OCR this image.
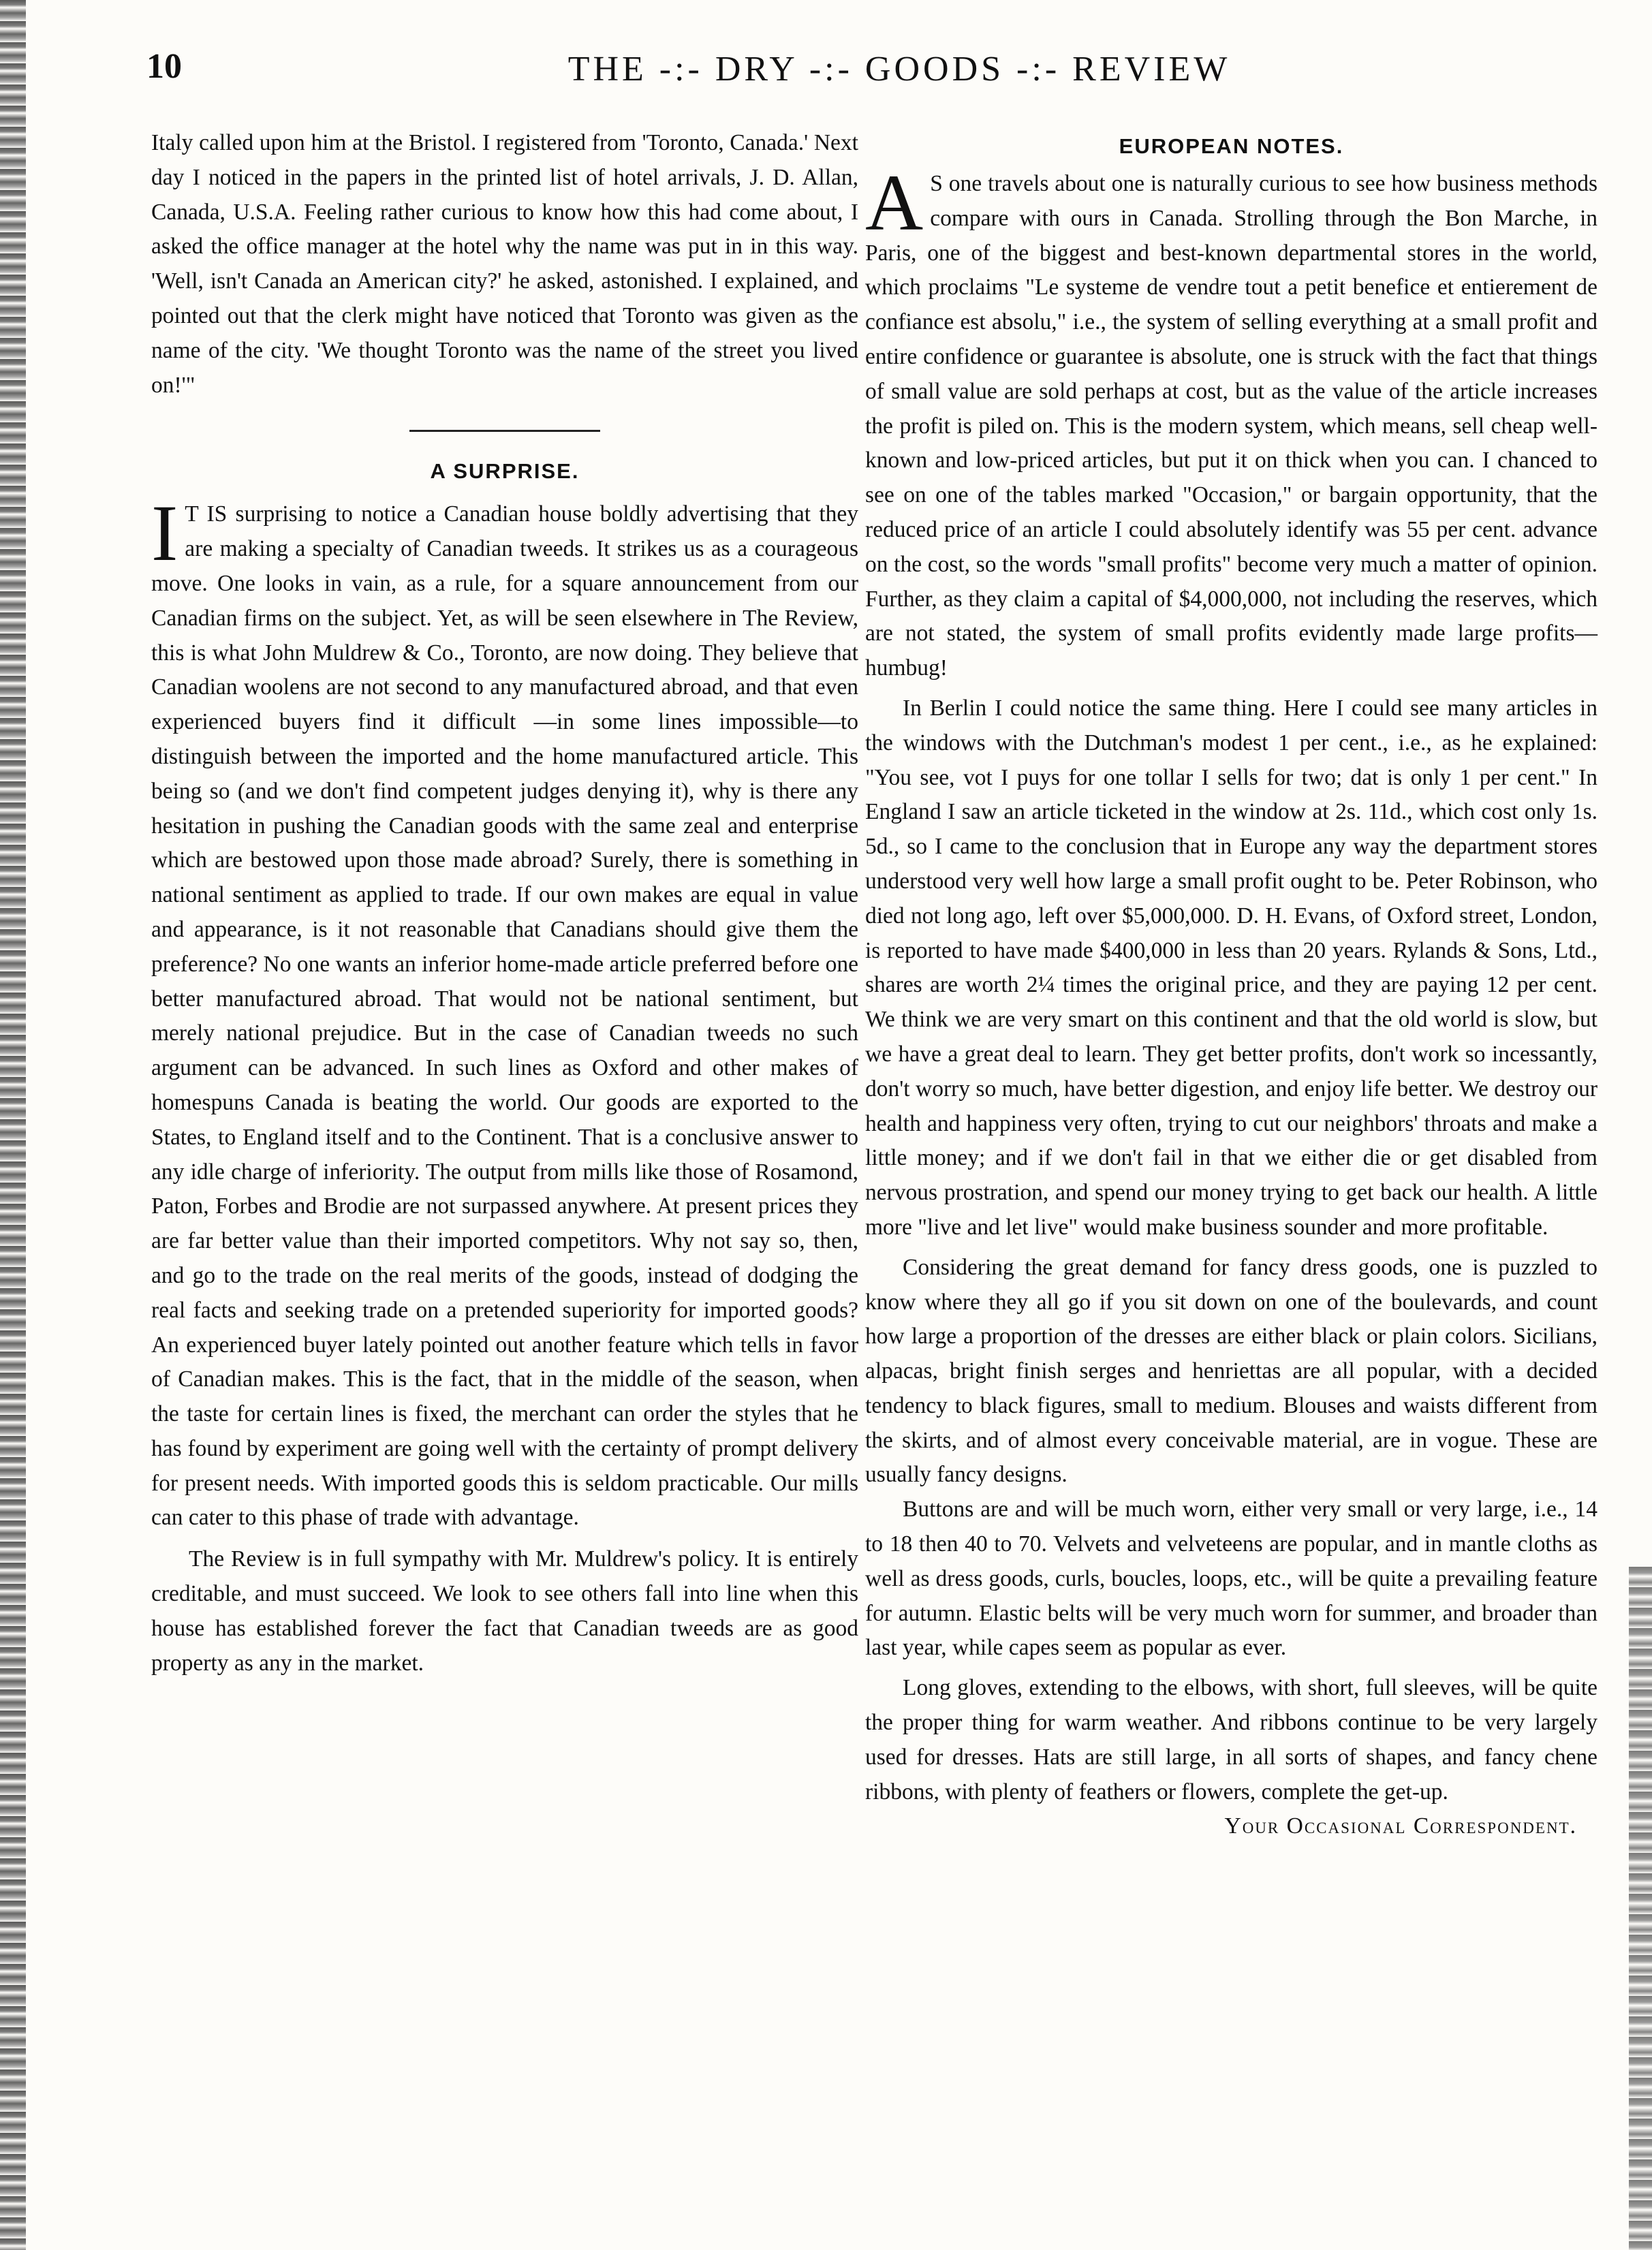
10	THE -:- DRY -:- GOODS -:- REVIEW

Italy called upon him at the Bristol. I registered from 'Toronto, Canada.' Next day I noticed in the papers in the printed list of hotel arrivals, J. D. Allan, Canada, U.S.A. Feeling rather curious to know how this had come about, I asked the office manager at the hotel why the name was put in in this way. 'Well, isn't Canada an American city?' he asked, astonished. I explained, and pointed out that the clerk might have noticed that Toronto was given as the name of the city. 'We thought Toronto was the name of the street you lived on!'"

A SURPRISE.

I T IS surprising to notice a Canadian house boldly advertising that they are making a specialty of Canadian tweeds. It strikes us as a courageous move. One looks in vain, as a rule, for a square announcement from our Canadian firms on the subject. Yet, as will be seen elsewhere in The Review, this is what John Muldrew & Co., Toronto, are now doing. They believe that Canadian woolens are not second to any manufactured abroad, and that even experienced buyers find it difficult —in some lines impossible—to distinguish between the imported and the home manufactured article. This being so (and we don't find competent judges denying it), why is there any hesitation in pushing the Canadian goods with the same zeal and enterprise which are bestowed upon those made abroad? Surely, there is something in national sentiment as applied to trade. If our own makes are equal in value and appearance, is it not reasonable that Canadians should give them the preference? No one wants an inferior home-made article preferred before one better manufactured abroad. That would not be national sentiment, but merely national prejudice. But in the case of Canadian tweeds no such argument can be advanced. In such lines as Oxford and other makes of homespuns Canada is beating the world. Our goods are exported to the States, to England itself and to the Continent. That is a conclusive answer to any idle charge of inferiority. The output from mills like those of Rosamond, Paton, Forbes and Brodie are not surpassed anywhere. At present prices they are far better value than their imported competitors. Why not say so, then, and go to the trade on the real merits of the goods, instead of dodging the real facts and seeking trade on a pretended superiority for imported goods? An experienced buyer lately pointed out another feature which tells in favor of Canadian makes. This is the fact, that in the middle of the season, when the taste for certain lines is fixed, the merchant can order the styles that he has found by experiment are going well with the certainty of prompt delivery for present needs. With imported goods this is seldom practicable. Our mills can cater to this phase of trade with advantage.

The Review is in full sympathy with Mr. Muldrew's policy. It is entirely creditable, and must succeed. We look to see others fall into line when this house has established forever the fact that Canadian tweeds are as good property as any in the market.

EUROPEAN NOTES.

A S one travels about one is naturally curious to see how business methods compare with ours in Canada. Strolling through the Bon Marche, in Paris, one of the biggest and best-known departmental stores in the world, which proclaims "Le systeme de vendre tout a petit benefice et entierement de confiance est absolu," i.e., the system of selling everything at a small profit and entire confidence or guarantee is absolute, one is struck with the fact that things of small value are sold perhaps at cost, but as the value of the article increases the profit is piled on. This is the modern system, which means, sell cheap well-known and low-priced articles, but put it on thick when you can. I chanced to see on one of the tables marked "Occasion," or bargain opportunity, that the reduced price of an article I could absolutely identify was 55 per cent. advance on the cost, so the words "small profits" become very much a matter of opinion. Further, as they claim a capital of $4,000,000, not including the reserves, which are not stated, the system of small profits evidently made large profits—humbug!

In Berlin I could notice the same thing. Here I could see many articles in the windows with the Dutchman's modest 1 per cent., i.e., as he explained: "You see, vot I puys for one tollar I sells for two; dat is only 1 per cent." In England I saw an article ticketed in the window at 2s. 11d., which cost only 1s. 5d., so I came to the conclusion that in Europe any way the department stores understood very well how large a small profit ought to be. Peter Robinson, who died not long ago, left over $5,000,000. D. H. Evans, of Oxford street, London, is reported to have made $400,000 in less than 20 years. Rylands & Sons, Ltd., shares are worth 2¼ times the original price, and they are paying 12 per cent. We think we are very smart on this continent and that the old world is slow, but we have a great deal to learn. They get better profits, don't work so incessantly, don't worry so much, have better digestion, and enjoy life better. We destroy our health and happiness very often, trying to cut our neighbors' throats and make a little money; and if we don't fail in that we either die or get disabled from nervous prostration, and spend our money trying to get back our health. A little more "live and let live" would make business sounder and more profitable.

Considering the great demand for fancy dress goods, one is puzzled to know where they all go if you sit down on one of the boulevards, and count how large a proportion of the dresses are either black or plain colors. Sicilians, alpacas, bright finish serges and henriettas are all popular, with a decided tendency to black figures, small to medium. Blouses and waists different from the skirts, and of almost every conceivable material, are in vogue. These are usually fancy designs.

Buttons are and will be much worn, either very small or very large, i.e., 14 to 18 then 40 to 70. Velvets and velveteens are popular, and in mantle cloths as well as dress goods, curls, boucles, loops, etc., will be quite a prevailing feature for autumn. Elastic belts will be very much worn for summer, and broader than last year, while capes seem as popular as ever.

Long gloves, extending to the elbows, with short, full sleeves, will be quite the proper thing for warm weather. And ribbons continue to be very largely used for dresses. Hats are still large, in all sorts of shapes, and fancy chene ribbons, with plenty of feathers or flowers, complete the get-up.

Your Occasional Correspondent.
